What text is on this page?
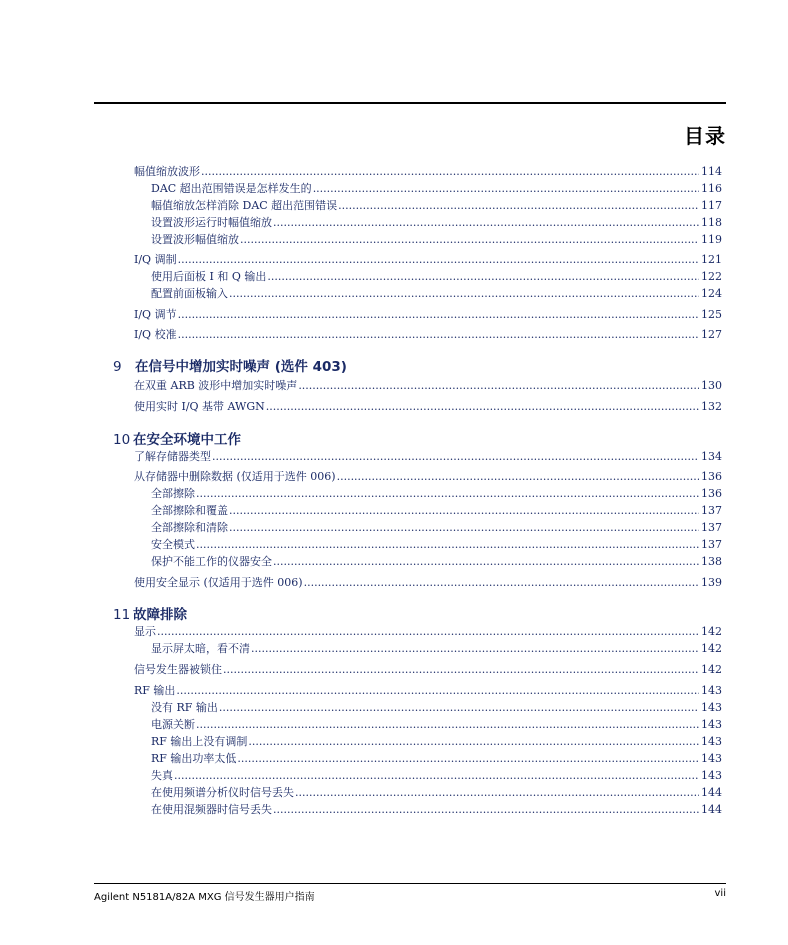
目录
幅值缩放波形 .....	114
DAC 超出范围错误是怎样发生的 .....	116
幅值缩放怎样消除 DAC 超出范围错误 .....	117
设置波形运行时幅值缩放 .....	118
设置波形幅值缩放 .....	119
I/Q 调制 .....	121
使用后面板 I 和 Q 输出 .....	122
配置前面板输入 .....	124
I/Q 调节 .....	125
I/Q 校准 .....	127
9 在信号中增加实时噪声 (选件 403)
在双重 ARB 波形中增加实时噪声 .....	130
使用实时 I/Q 基带 AWGN .....	132
10 在安全环境中工作
了解存储器类型 .....	134
从存储器中删除数据 (仅适用于选件 006) .....	136
全部擦除 .....	136
全部擦除和覆盖 .....	137
全部擦除和清除 .....	137
安全模式 .....	137
保护不能工作的仪器安全 .....	138
使用安全显示 (仅适用于选件 006) .....	139
11 故障排除
显示 .....	142
显示屏太暗，看不清 .....	142
信号发生器被锁住 .....	142
RF 输出 .....	143
没有 RF 输出 .....	143
电源关断 .....	143
RF 输出上没有调制 .....	143
RF 输出功率太低 .....	143
失真 .....	143
在使用频谱分析仪时信号丢失 .....	144
在使用混频器时信号丢失 .....	144
Agilent N5181A/82A MXG 信号发生器用户指南	vii
